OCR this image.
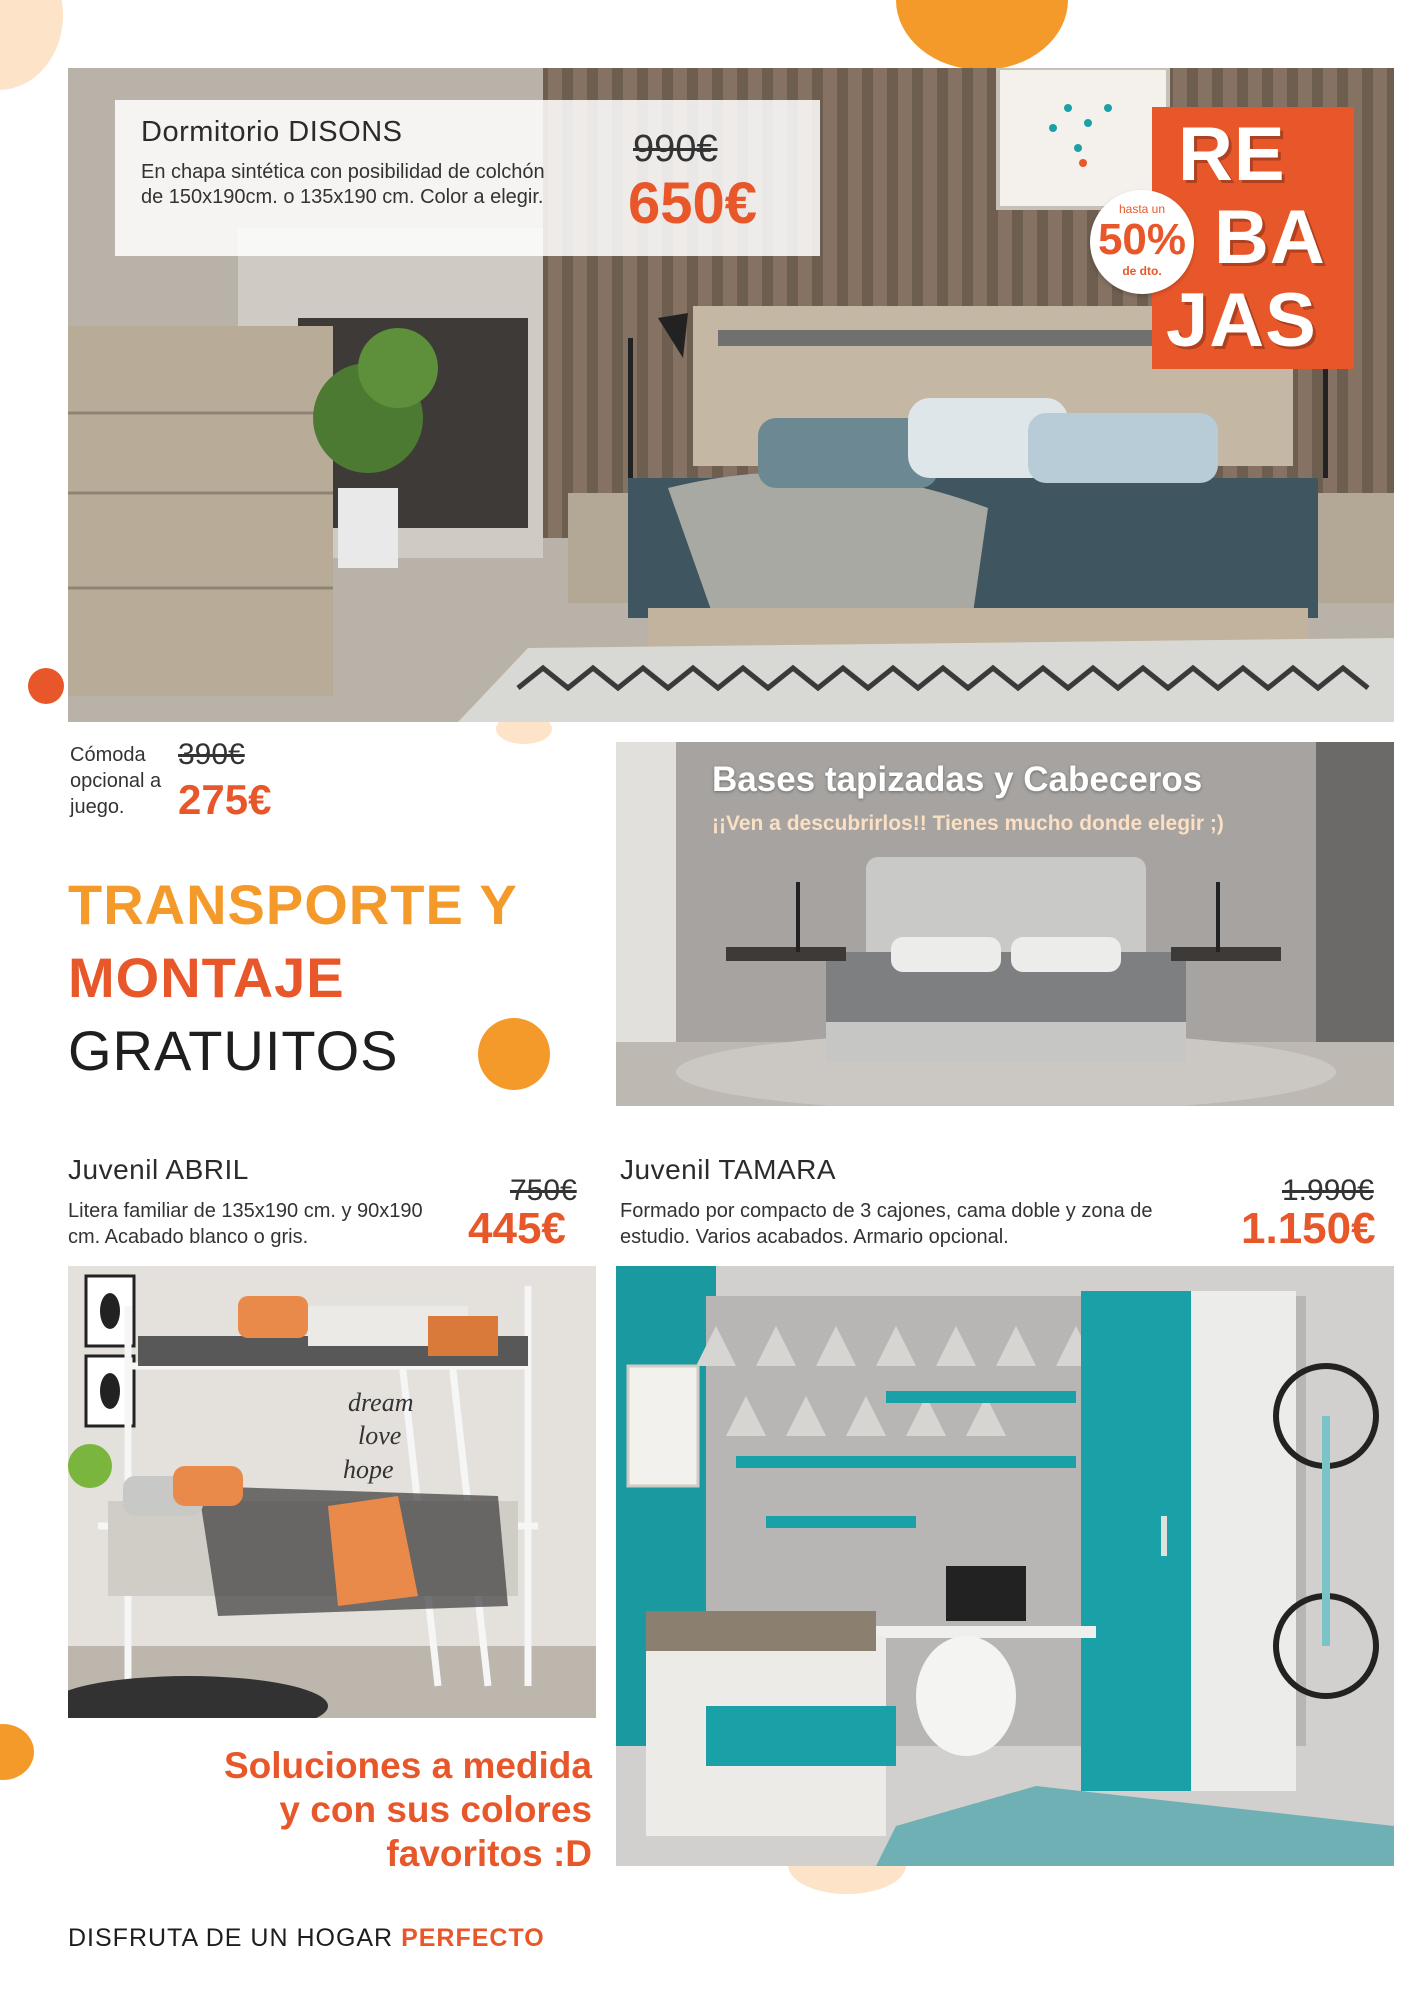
Dormitorio DISONS
En chapa sintética con posibilidad de colchón de 150x190cm. o 135x190 cm. Color a elegir.
990€
650€
RE
BA
JAS
hasta un
50%
de dto.
Cómoda opcional a juego.
390€
275€	Bases tapizadas y Cabeceros
¡¡Ven a descubrirlos!! Tienes mucho donde elegir ;)
TRANSPORTE Y
MONTAJE
GRATUITOS
Juvenil ABRIL
Litera familiar de 135x190 cm. y 90x190 cm. Acabado blanco o gris.
750€
445€
Juvenil TAMARA
Formado por compacto de 3 cajones, cama doble y zona de estudio. Varios acabados. Armario opcional.
1.990€
1.150€
dream
love
hope
Soluciones a medida
y con sus colores
favoritos :D
DISFRUTA DE UN HOGAR PERFECTO
